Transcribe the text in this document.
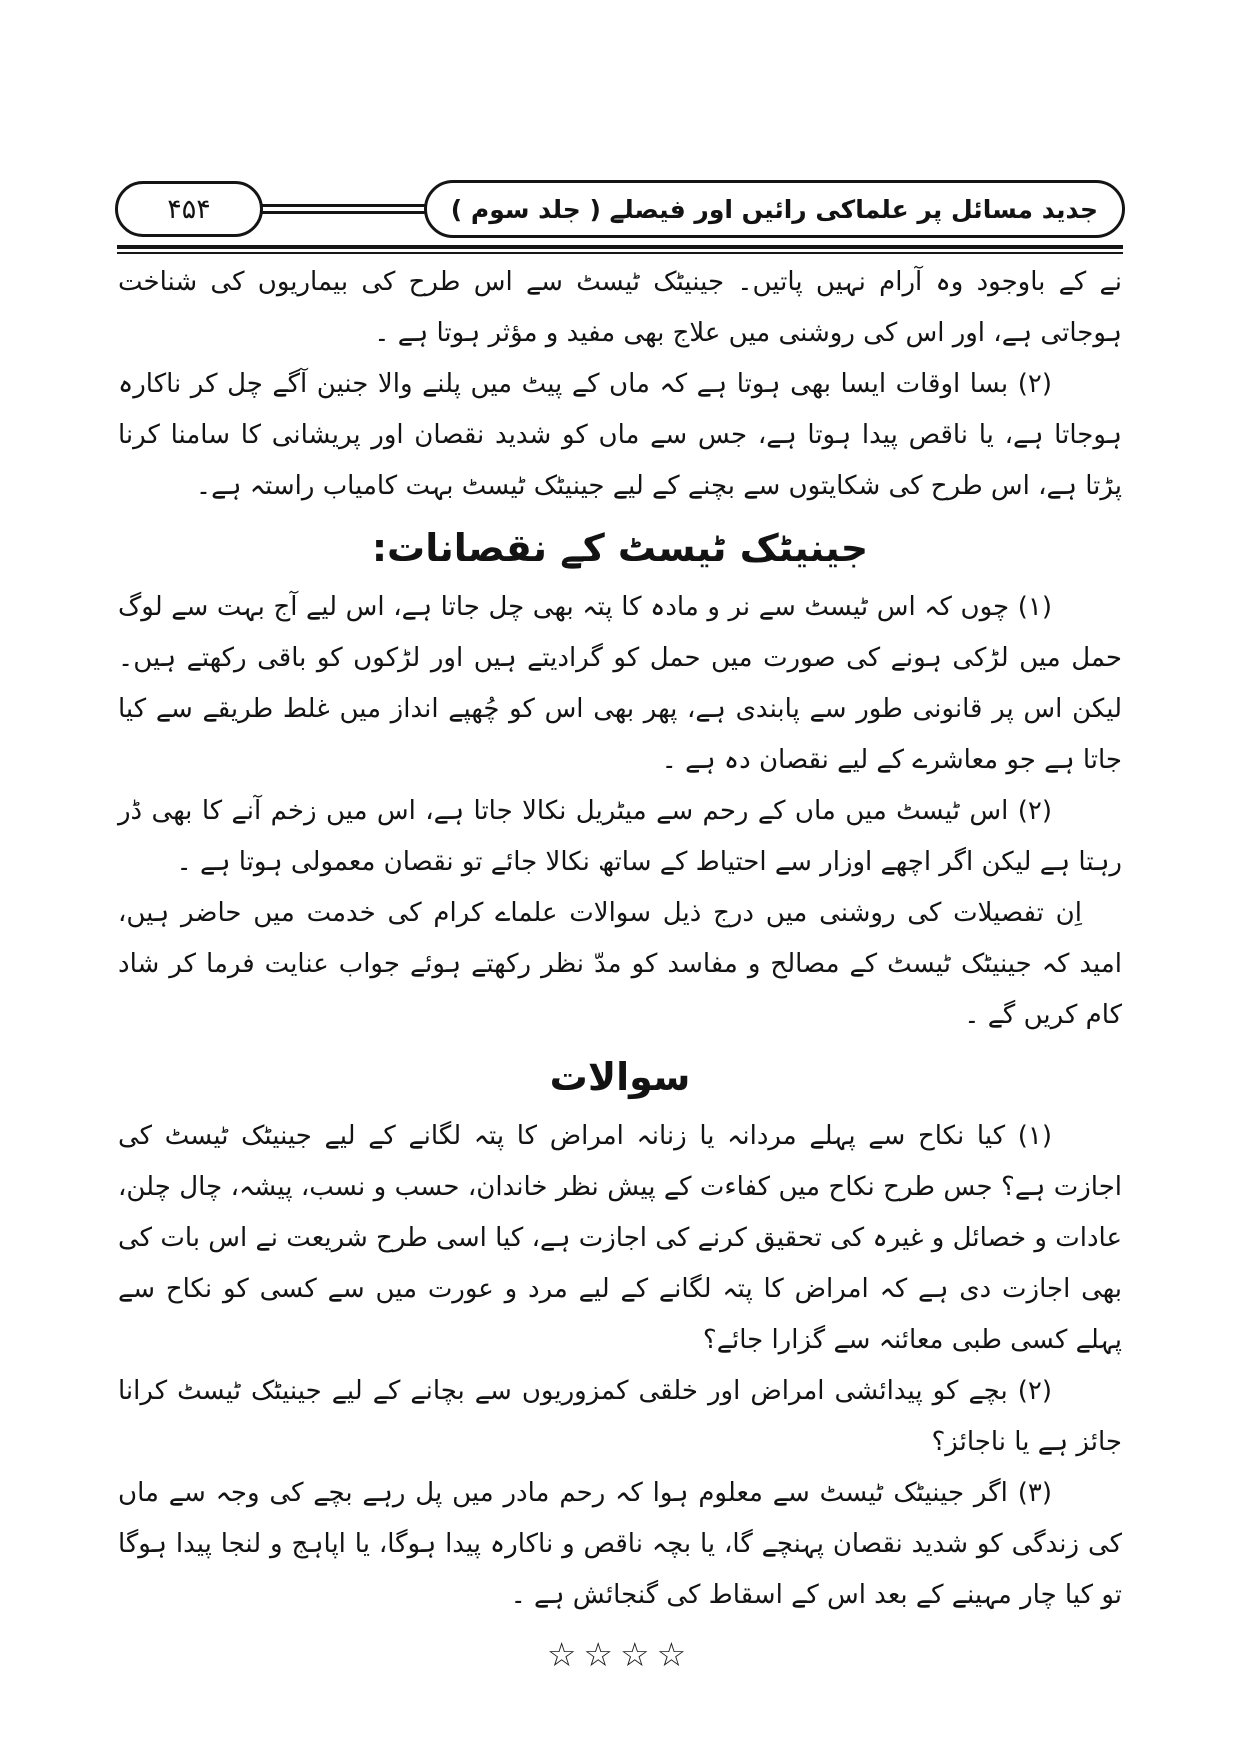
۴۵۴	جدید مسائل پر علماکی رائیں اور فیصلے ( جلد سوم )

نے کے باوجود وہ آرام نہیں پاتیں۔ جینیٹک ٹیسٹ سے اس طرح کی بیماریوں کی شناخت ہوجاتی ہے، اور اس کی روشنی میں علاج بھی مفید و مؤثر ہوتا ہے ۔

(۲) بسا اوقات ایسا بھی ہوتا ہے کہ ماں کے پیٹ میں پلنے والا جنین آگے چل کر ناکارہ ہوجاتا ہے، یا ناقص پیدا ہوتا ہے، جس سے ماں کو شدید نقصان اور پریشانی کا سامنا کرنا پڑتا ہے، اس طرح کی شکایتوں سے بچنے کے لیے جینیٹک ٹیسٹ بہت کامیاب راستہ ہے۔

جینیٹک ٹیسٹ کے نقصانات:

(۱) چوں کہ اس ٹیسٹ سے نر و مادہ کا پتہ بھی چل جاتا ہے، اس لیے آج بہت سے لوگ حمل میں لڑکی ہونے کی صورت میں حمل کو گرادیتے ہیں اور لڑکوں کو باقی رکھتے ہیں۔ لیکن اس پر قانونی طور سے پابندی ہے، پھر بھی اس کو چُھپے انداز میں غلط طریقے سے کیا جاتا ہے جو معاشرے کے لیے نقصان دہ ہے ۔

(۲) اس ٹیسٹ میں ماں کے رحم سے میٹریل نکالا جاتا ہے، اس میں زخم آنے کا بھی ڈر رہتا ہے لیکن اگر اچھے اوزار سے احتیاط کے ساتھ نکالا جائے تو نقصان معمولی ہوتا ہے ۔

اِن تفصیلات کی روشنی میں درج ذیل سوالات علماے کرام کی خدمت میں حاضر ہیں، امید کہ جینیٹک ٹیسٹ کے مصالح و مفاسد کو مدّ نظر رکھتے ہوئے جواب عنایت فرما کر شاد کام کریں گے ۔

سوالات

(۱) کیا نکاح سے پہلے مردانہ یا زنانہ امراض کا پتہ لگانے کے لیے جینیٹک ٹیسٹ کی اجازت ہے؟ جس طرح نکاح میں کفاءت کے پیش نظر خاندان، حسب و نسب، پیشہ، چال چلن، عادات و خصائل و غیرہ کی تحقیق کرنے کی اجازت ہے، کیا اسی طرح شریعت نے اس بات کی بھی اجازت دی ہے کہ امراض کا پتہ لگانے کے لیے مرد و عورت میں سے کسی کو نکاح سے پہلے کسی طبی معائنہ سے گزارا جائے؟

(۲) بچے کو پیدائشی امراض اور خلقی کمزوریوں سے بچانے کے لیے جینیٹک ٹیسٹ کرانا جائز ہے یا ناجائز؟

(۳) اگر جینیٹک ٹیسٹ سے معلوم ہوا کہ رحم مادر میں پل رہے بچے کی وجہ سے ماں کی زندگی کو شدید نقصان پہنچے گا، یا بچہ ناقص و ناکارہ پیدا ہوگا، یا اپاہج و لنجا پیدا ہوگا تو کیا چار مہینے کے بعد اس کے اسقاط کی گنجائش ہے ۔

☆☆☆☆
